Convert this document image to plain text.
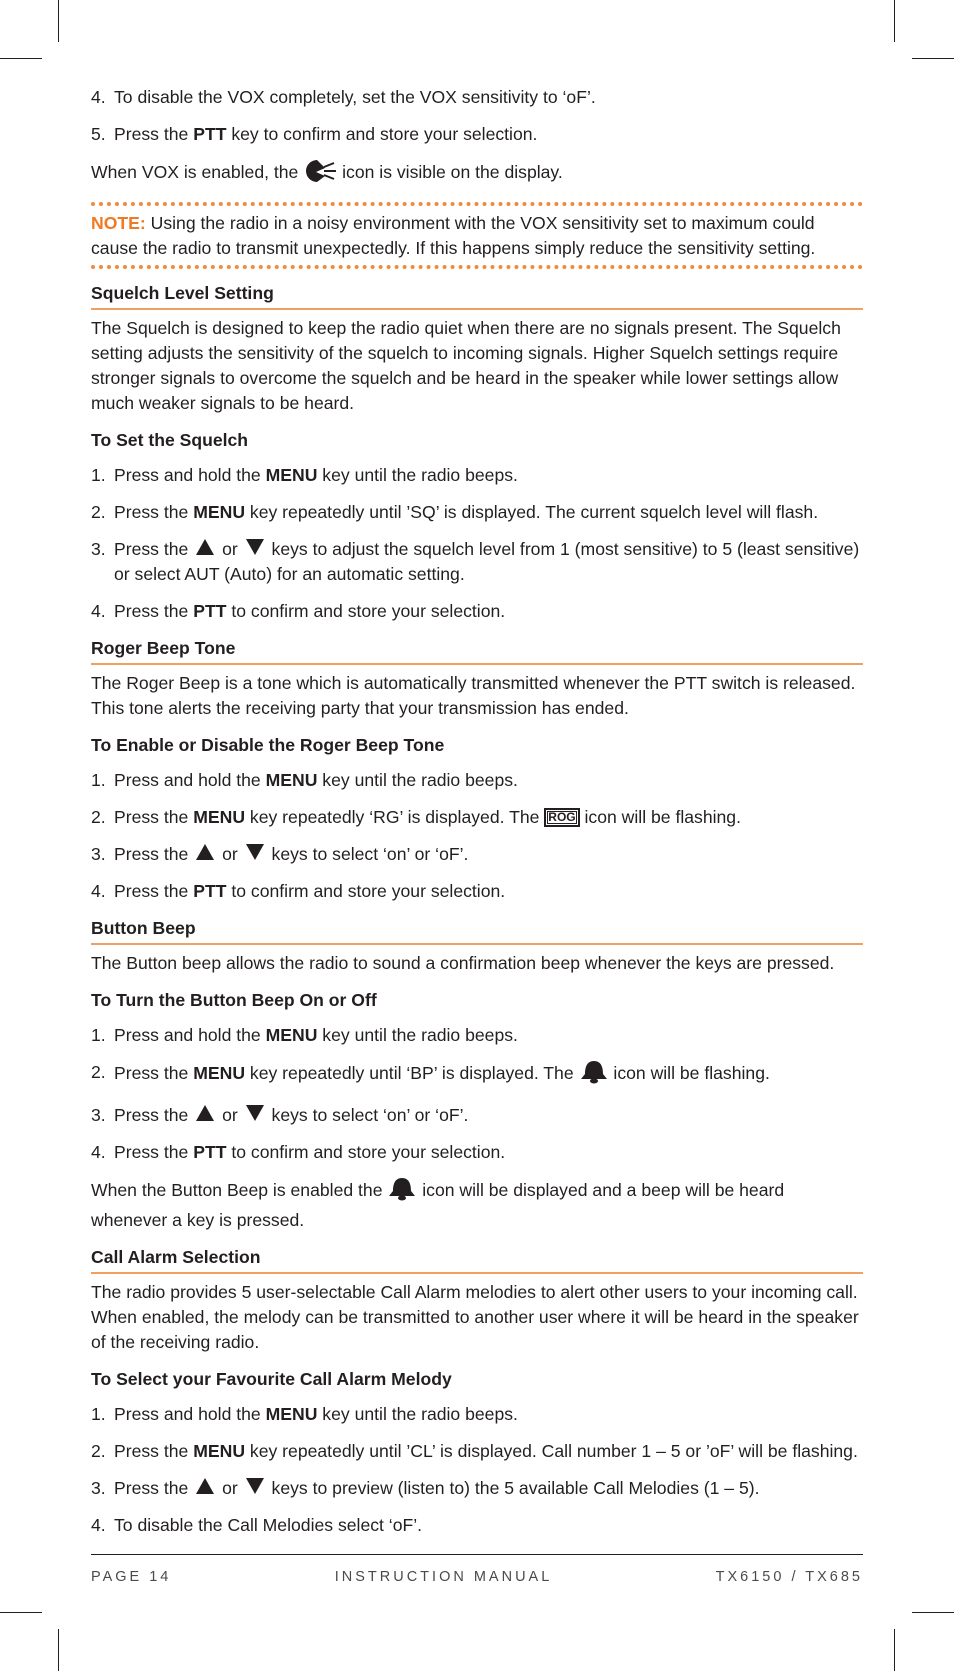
4. To disable the VOX completely, set the VOX sensitivity to ‘oF’.
5. Press the PTT key to confirm and store your selection.

When VOX is enabled, the  icon is visible on the display.

NOTE: Using the radio in a noisy environment with the VOX sensitivity set to maximum could cause the radio to transmit unexpectedly. If this happens simply reduce the sensitivity setting.

Squelch Level Setting

The Squelch is designed to keep the radio quiet when there are no signals present. The Squelch setting adjusts the sensitivity of the squelch to incoming signals. Higher Squelch settings require stronger signals to overcome the squelch and be heard in the speaker while lower settings allow much weaker signals to be heard.

To Set the Squelch
1. Press and hold the MENU key until the radio beeps.
2. Press the MENU key repeatedly until ’SQ’ is displayed. The current squelch level will flash.
3. Press the  or  keys to adjust the squelch level from 1 (most sensitive) to 5 (least sensitive) or select AUT (Auto) for an automatic setting.
4. Press the PTT to confirm and store your selection.
Roger Beep Tone

The Roger Beep is a tone which is automatically transmitted whenever the PTT switch is released. This tone alerts the receiving party that your transmission has ended.

To Enable or Disable the Roger Beep Tone
1. Press and hold the MENU key until the radio beeps.
2. Press the MENU key repeatedly ‘RG’ is displayed. The ROG icon will be flashing.
3. Press the  or  keys to select ‘on’ or ‘oF’.
4. Press the PTT to confirm and store your selection.
Button Beep

The Button beep allows the radio to sound a confirmation beep whenever the keys are pressed.

To Turn the Button Beep On or Off
1. Press and hold the MENU key until the radio beeps.
2. Press the MENU key repeatedly until ‘BP’ is displayed. The  icon will be flashing.
3. Press the  or  keys to select ‘on’ or ‘oF’.
4. Press the PTT to confirm and store your selection.

When the Button Beep is enabled the  icon will be displayed and a beep will be heard whenever a key is pressed.

Call Alarm Selection

The radio provides 5 user-selectable Call Alarm melodies to alert other users to your incoming call. When enabled, the melody can be transmitted to another user where it will be heard in the speaker of the receiving radio.

To Select your Favourite Call Alarm Melody
1. Press and hold the MENU key until the radio beeps.
2. Press the MENU key repeatedly until ’CL’ is displayed. Call number 1 – 5 or ’oF’ will be flashing.
3. Press the  or  keys to preview (listen to) the 5 available Call Melodies (1 – 5).
4. To disable the Call Melodies select ‘oF’.
PAGE 14	INSTRUCTION MANUAL	TX6150 / TX685
